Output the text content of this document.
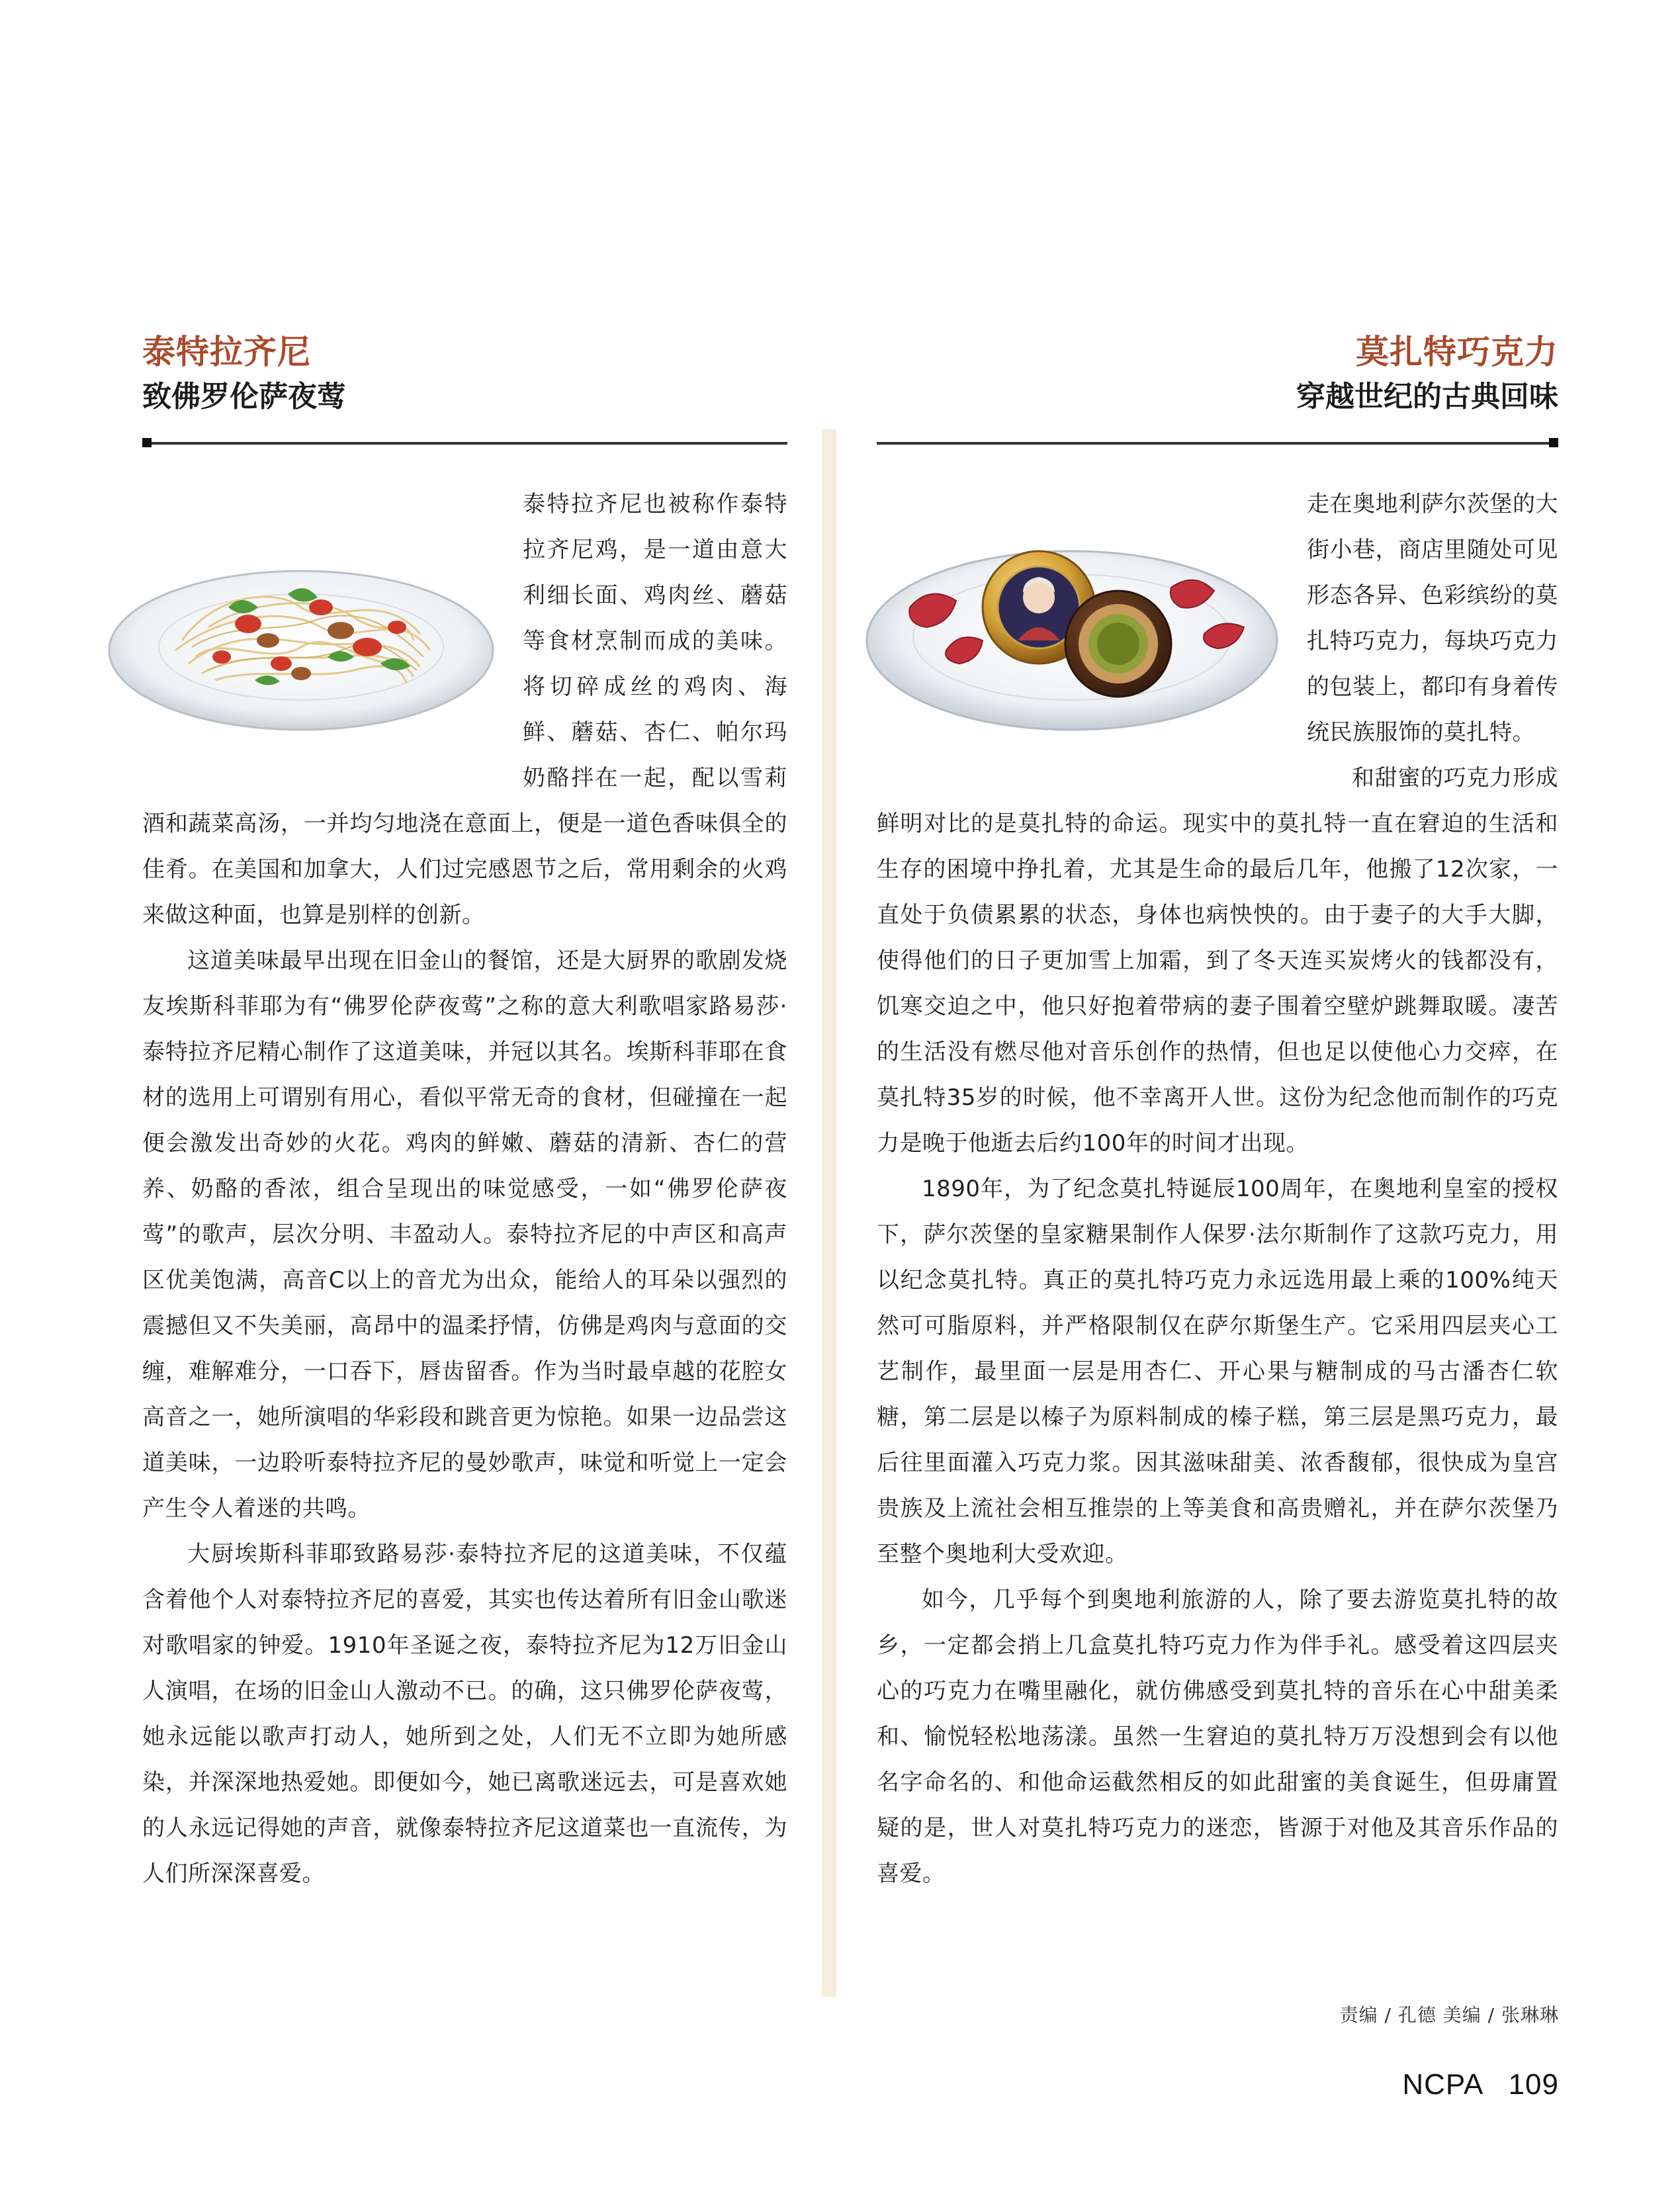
泰特拉齐尼
致佛罗伦萨夜莺

泰特拉齐尼也被称作泰特拉齐尼鸡，是一道由意大利细长面、鸡肉丝、蘑菇等食材烹制而成的美味。将切碎成丝的鸡肉、海鲜、蘑菇、杏仁、帕尔玛奶酪拌在一起，配以雪莉酒和蔬菜高汤，一并均匀地浇在意面上，便是一道色香味俱全的佳肴。在美国和加拿大，人们过完感恩节之后，常用剩余的火鸡来做这种面，也算是别样的创新。

这道美味最早出现在旧金山的餐馆，还是大厨界的歌剧发烧友埃斯科菲耶为有“佛罗伦萨夜莺”之称的意大利歌唱家路易莎·泰特拉齐尼精心制作了这道美味，并冠以其名。埃斯科菲耶在食材的选用上可谓别有用心，看似平常无奇的食材，但碰撞在一起便会激发出奇妙的火花。鸡肉的鲜嫩、蘑菇的清新、杏仁的营养、奶酪的香浓，组合呈现出的味觉感受，一如“佛罗伦萨夜莺”的歌声，层次分明、丰盈动人。泰特拉齐尼的中声区和高声区优美饱满，高音C以上的音尤为出众，能给人的耳朵以强烈的震撼但又不失美丽，高昂中的温柔抒情，仿佛是鸡肉与意面的交缠，难解难分，一口吞下，唇齿留香。作为当时最卓越的花腔女高音之一，她所演唱的华彩段和跳音更为惊艳。如果一边品尝这道美味，一边聆听泰特拉齐尼的曼妙歌声，味觉和听觉上一定会产生令人着迷的共鸣。

大厨埃斯科菲耶致路易莎·泰特拉齐尼的这道美味，不仅蕴含着他个人对泰特拉齐尼的喜爱，其实也传达着所有旧金山歌迷对歌唱家的钟爱。1910年圣诞之夜，泰特拉齐尼为12万旧金山人演唱，在场的旧金山人激动不已。的确，这只佛罗伦萨夜莺，她永远能以歌声打动人，她所到之处，人们无不立即为她所感染，并深深地热爱她。即便如今，她已离歌迷远去，可是喜欢她的人永远记得她的声音，就像泰特拉齐尼这道菜也一直流传，为人们所深深喜爱。

莫扎特巧克力
穿越世纪的古典回味

走在奥地利萨尔茨堡的大街小巷，商店里随处可见形态各异、色彩缤纷的莫扎特巧克力，每块巧克力的包装上，都印有身着传统民族服饰的莫扎特。

和甜蜜的巧克力形成鲜明对比的是莫扎特的命运。现实中的莫扎特一直在窘迫的生活和生存的困境中挣扎着，尤其是生命的最后几年，他搬了12次家，一直处于负债累累的状态，身体也病怏怏的。由于妻子的大手大脚，使得他们的日子更加雪上加霜，到了冬天连买炭烤火的钱都没有，饥寒交迫之中，他只好抱着带病的妻子围着空壁炉跳舞取暖。凄苦的生活没有燃尽他对音乐创作的热情，但也足以使他心力交瘁，在莫扎特35岁的时候，他不幸离开人世。这份为纪念他而制作的巧克力是晚于他逝去后约100年的时间才出现。

1890年，为了纪念莫扎特诞辰100周年，在奥地利皇室的授权下，萨尔茨堡的皇家糖果制作人保罗·法尔斯制作了这款巧克力，用以纪念莫扎特。真正的莫扎特巧克力永远选用最上乘的100%纯天然可可脂原料，并严格限制仅在萨尔斯堡生产。它采用四层夹心工艺制作，最里面一层是用杏仁、开心果与糖制成的马古潘杏仁软糖，第二层是以榛子为原料制成的榛子糕，第三层是黑巧克力，最后往里面灌入巧克力浆。因其滋味甜美、浓香馥郁，很快成为皇宫贵族及上流社会相互推崇的上等美食和高贵赠礼，并在萨尔茨堡乃至整个奥地利大受欢迎。

如今，几乎每个到奥地利旅游的人，除了要去游览莫扎特的故乡，一定都会捎上几盒莫扎特巧克力作为伴手礼。感受着这四层夹心的巧克力在嘴里融化，就仿佛感受到莫扎特的音乐在心中甜美柔和、愉悦轻松地荡漾。虽然一生窘迫的莫扎特万万没想到会有以他名字命名的、和他命运截然相反的如此甜蜜的美食诞生，但毋庸置疑的是，世人对莫扎特巧克力的迷恋，皆源于对他及其音乐作品的喜爱。

责编 / 孔德 美编 / 张琳琳
NCPA 109
